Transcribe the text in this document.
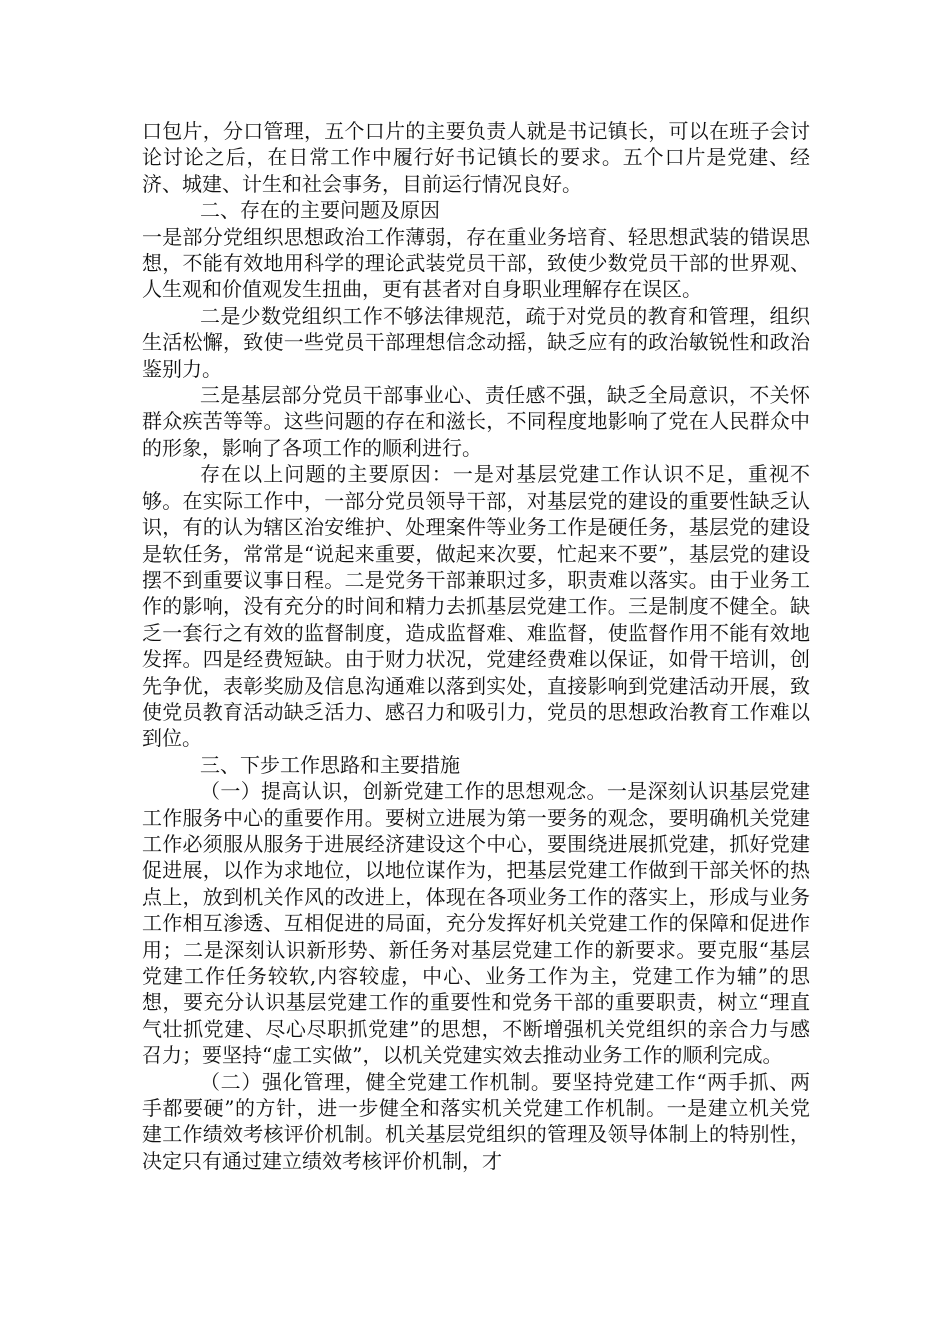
口包片，分口管理，五个口片的主要负责人就是书记镇长，可以在班子会讨论讨论之后，在日常工作中履行好书记镇长的要求。五个口片是党建、经济、城建、计生和社会事务，目前运行情况良好。

二、存在的主要问题及原因

一是部分党组织思想政治工作薄弱，存在重业务培育、轻思想武装的错误思想，不能有效地用科学的理论武装党员干部，致使少数党员干部的世界观、人生观和价值观发生扭曲，更有甚者对自身职业理解存在误区。

二是少数党组织工作不够法律规范，疏于对党员的教育和管理，组织生活松懈，致使一些党员干部理想信念动摇，缺乏应有的政治敏锐性和政治鉴别力。

三是基层部分党员干部事业心、责任感不强，缺乏全局意识，不关怀群众疾苦等等。这些问题的存在和滋长，不同程度地影响了党在人民群众中的形象，影响了各项工作的顺利进行。

存在以上问题的主要原因：一是对基层党建工作认识不足，重视不够。在实际工作中，一部分党员领导干部，对基层党的建设的重要性缺乏认识，有的认为辖区治安维护、处理案件等业务工作是硬任务，基层党的建设是软任务，常常是“说起来重要，做起来次要，忙起来不要”，基层党的建设摆不到重要议事日程。二是党务干部兼职过多，职责难以落实。由于业务工作的影响，没有充分的时间和精力去抓基层党建工作。三是制度不健全。缺乏一套行之有效的监督制度，造成监督难、难监督，使监督作用不能有效地发挥。四是经费短缺。由于财力状况，党建经费难以保证，如骨干培训，创先争优，表彰奖励及信息沟通难以落到实处，直接影响到党建活动开展，致使党员教育活动缺乏活力、感召力和吸引力，党员的思想政治教育工作难以到位。

三、下步工作思路和主要措施

（一）提高认识，创新党建工作的思想观念。一是深刻认识基层党建工作服务中心的重要作用。要树立进展为第一要务的观念，要明确机关党建工作必须服从服务于进展经济建设这个中心，要围绕进展抓党建，抓好党建促进展，以作为求地位，以地位谋作为，把基层党建工作做到干部关怀的热点上，放到机关作风的改进上，体现在各项业务工作的落实上，形成与业务工作相互渗透、互相促进的局面，充分发挥好机关党建工作的保障和促进作用；二是深刻认识新形势、新任务对基层党建工作的新要求。要克服“基层党建工作任务较软,内容较虚，中心、业务工作为主，党建工作为辅”的思想，要充分认识基层党建工作的重要性和党务干部的重要职责，树立“理直气壮抓党建、尽心尽职抓党建”的思想，不断增强机关党组织的亲合力与感召力；要坚持“虚工实做”，以机关党建实效去推动业务工作的顺利完成。

（二）强化管理，健全党建工作机制。要坚持党建工作“两手抓、两手都要硬”的方针，进一步健全和落实机关党建工作机制。一是建立机关党建工作绩效考核评价机制。机关基层党组织的管理及领导体制上的特别性，决定只有通过建立绩效考核评价机制，才
